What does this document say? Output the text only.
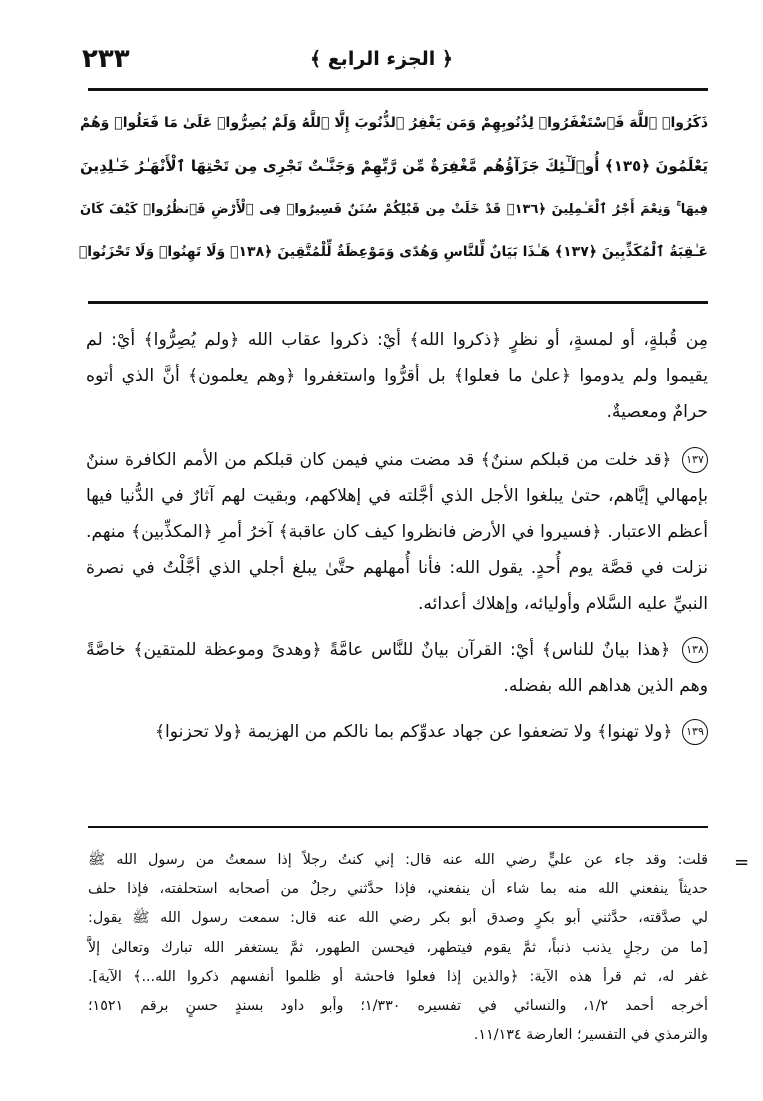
٢٣٣	﴿ الجزء الرابع ﴾
ذَكَرُوا۟ ٱللَّهَ فَٱسْتَغْفَرُوا۟ لِذُنُوبِهِمْ وَمَن يَغْفِرُ ٱلذُّنُوبَ إِلَّا ٱللَّهُ وَلَمْ يُصِرُّوا۟ عَلَىٰ مَا فَعَلُوا۟ وَهُمْ
يَعْلَمُونَ ﴿١٣٥﴾ أُو۟لَـٰٓئِكَ جَزَآؤُهُم مَّغْفِرَةٌ مِّن رَّبِّهِمْ وَجَنَّـٰتٌ تَجْرِى مِن تَحْتِهَا ٱلْأَنْهَـٰرُ خَـٰلِدِينَ
فِيهَا ۚ وَنِعْمَ أَجْرُ ٱلْعَـٰمِلِينَ ﴿١٣٦﴾ قَدْ خَلَتْ مِن قَبْلِكُمْ سُنَنٌ فَسِيرُوا۟ فِى ٱلْأَرْضِ فَٱنظُرُوا۟ كَيْفَ كَانَ
عَـٰقِبَةُ ٱلْمُكَذِّبِينَ ﴿١٣٧﴾ هَـٰذَا بَيَانٌ لِّلنَّاسِ وَهُدًى وَمَوْعِظَةٌ لِّلْمُتَّقِينَ ﴿١٣٨﴾ وَلَا تَهِنُوا۟ وَلَا تَحْزَنُوا۟
مِن قُبلةٍ، أو لمسةٍ، أو نظرٍ ﴿ذكروا الله﴾ أيْ: ذكروا عقاب الله ﴿ولم يُصِرُّوا﴾ أيْ: لم يقيموا ولم يدوموا ﴿علىٰ ما فعلوا﴾ بل أقرُّوا واستغفروا ﴿وهم يعلمون﴾ أنَّ الذي أتوه حرامٌ ومعصيةٌ.
١٣٧ ﴿قد خلت من قبلكم سننٌ﴾ قد مضت مني فيمن كان قبلكم من الأمم الكافرة سننٌ بإمهالي إيَّاهم، حتىٰ يبلغوا الأجل الذي أجَّلته في إهلاكهم، وبقيت لهم آثارٌ في الدُّنيا فيها أعظم الاعتبار. ﴿فسيروا في الأرض فانظروا كيف كان عاقبة﴾ آخرُ أمرِ ﴿المكذِّبين﴾ منهم. نزلت في قصَّة يوم أُحدٍ. يقول الله: فأنا أُمهلهم حتَّىٰ يبلغ أجلي الذي أجَّلْتُ في نصرة النبيِّ عليه السَّلام وأوليائه، وإهلاك أعدائه.
١٣٨ ﴿هذا بيانٌ للناس﴾ أيْ: القرآن بيانٌ للنَّاس عامَّةً ﴿وهدىً وموعظة للمتقين﴾ خاصَّةً وهم الذين هداهم الله بفضله.
١٣٩ ﴿ولا تهنوا﴾ ولا تضعفوا عن جهاد عدوِّكم بما نالكم من الهزيمة ﴿ولا تحزنوا﴾
=
قلت: وقد جاء عن عليٍّ رضي الله عنه قال: إني كنتُ رجلاً إذا سمعتُ من رسول الله ﷺ
حديثاً ينفعني الله منه بما شاء أن ينفعني، فإذا حدَّثني رجلٌ من أصحابه استحلفته، فإذا حلف
لي صدَّقته، حدَّثني أبو بكرٍ وصدق أبو بكر رضي الله عنه قال: سمعت رسول الله ﷺ يقول:
[ما من رجلٍ يذنب ذنباً، ثمَّ يقوم فيتطهر، فيحسن الطهور، ثمَّ يستغفر الله تبارك وتعالىٰ إلاَّ
غفر له، ثم قرأ هذه الآية: ﴿والذين إذا فعلوا فاحشة أو ظلموا أنفسهم ذكروا الله...﴾ الآية].
أخرجه أحمد ١/٢، والنسائي في تفسيره ١/٣٣٠؛ وأبو داود بسندٍ حسنٍ برقم ١٥٢١؛
والترمذي في التفسير؛ العارضة ١١/١٣٤.
